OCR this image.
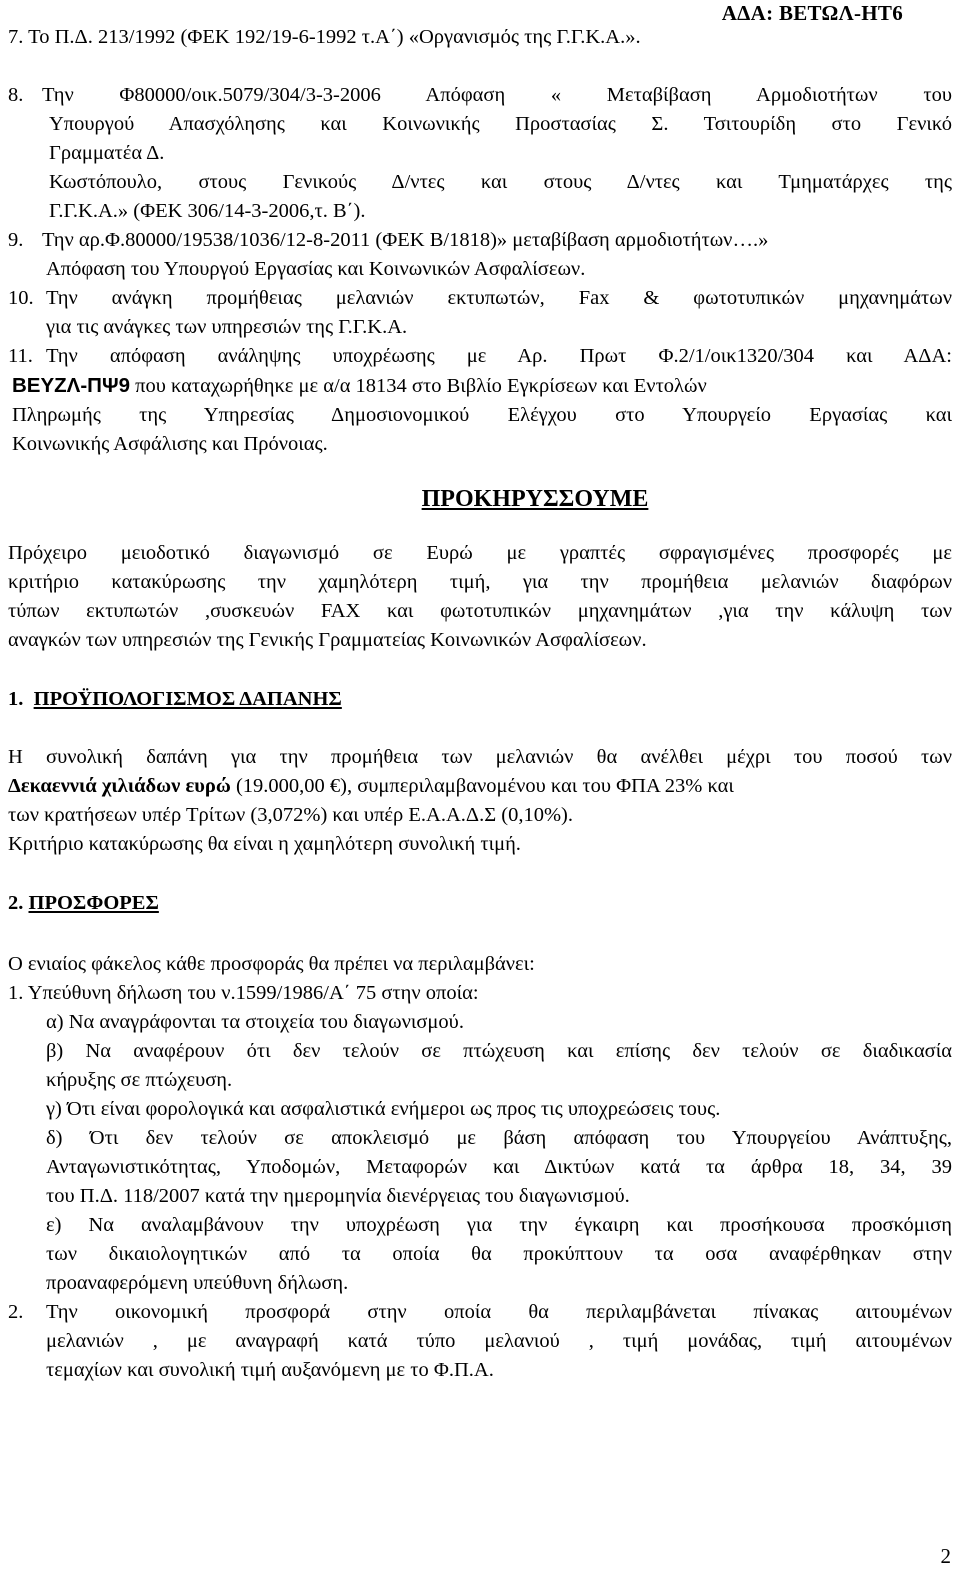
ΑΔΑ: ΒΕΤΩΛ-ΗΤ6
7. Το Π.Δ. 213/1992 (ΦΕΚ 192/19-6-1992 τ.Α΄) «Οργανισμός της Γ.Γ.Κ.Α.».
8. Την Φ80000/οικ.5079/304/3-3-2006 Απόφαση « Μεταβίβαση Αρμοδιοτήτων του
Υπουργού Απασχόλησης και Κοινωνικής Προστασίας Σ. Τσιτουρίδη στο Γενικό
Γραμματέα Δ.
Κωστόπουλο, στους Γενικούς Δ/ντες και στους Δ/ντες και Τμηματάρχες της
Γ.Γ.Κ.Α.» (ΦΕΚ 306/14-3-2006,τ. Β΄).
9. Την αρ.Φ.80000/19538/1036/12-8-2011 (ΦΕΚ Β/1818)» μεταβίβαση αρμοδιοτήτων….»
Απόφαση του Υπουργού Εργασίας και Κοινωνικών Ασφαλίσεων.
10. Την ανάγκη προμήθειας μελανιών εκτυπωτών, Fax & φωτοτυπικών μηχανημάτων
για τις ανάγκες των υπηρεσιών της Γ.Γ.Κ.Α.
11. Την απόφαση ανάληψης υποχρέωσης με Αρ. Πρωτ Φ.2/1/οικ1320/304 και ΑΔΑ:
ΒΕΥΖΛ-ΠΨ9 που καταχωρήθηκε με α/α 18134 στο Βιβλίο Εγκρίσεων και Εντολών
Πληρωμής της Υπηρεσίας Δημοσιονομικού Ελέγχου στο Υπουργείο Εργασίας και
Κοινωνικής Ασφάλισης και Πρόνοιας.
ΠΡΟΚΗΡΥΣΣΟΥΜΕ
Πρόχειρο μειοδοτικό διαγωνισμό σε Ευρώ με γραπτές σφραγισμένες προσφορές με
κριτήριο κατακύρωσης την χαμηλότερη τιμή, για την προμήθεια μελανιών διαφόρων
τύπων εκτυπωτών ,συσκευών FAX και φωτοτυπικών μηχανημάτων ,για την κάλυψη των
αναγκών των υπηρεσιών της Γενικής Γραμματείας Κοινωνικών Ασφαλίσεων.
1. ΠΡΟΫΠΟΛΟΓΙΣΜΟΣ ΔΑΠΑΝΗΣ
Η συνολική δαπάνη για την προμήθεια των μελανιών θα ανέλθει μέχρι του ποσού των
Δεκαεννιά χιλιάδων ευρώ (19.000,00 €), συμπεριλαμβανομένου και του ΦΠΑ 23% και
των κρατήσεων υπέρ Τρίτων (3,072%) και υπέρ Ε.Α.Α.Δ.Σ (0,10%).
Κριτήριο κατακύρωσης θα είναι η χαμηλότερη συνολική τιμή.
2. ΠΡΟΣΦΟΡΕΣ
Ο ενιαίος φάκελος κάθε προσφοράς θα πρέπει να περιλαμβάνει:
1. Υπεύθυνη δήλωση του ν.1599/1986/Α΄ 75 στην οποία:
α) Να αναγράφονται τα στοιχεία του διαγωνισμού.
β) Να αναφέρουν ότι δεν τελούν σε πτώχευση και επίσης δεν τελούν σε διαδικασία
κήρυξης σε πτώχευση.
γ) Ότι είναι φορολογικά και ασφαλιστικά ενήμεροι ως προς τις υποχρεώσεις τους.
δ) Ότι δεν τελούν σε αποκλεισμό με βάση απόφαση του Υπουργείου Ανάπτυξης,
Ανταγωνιστικότητας, Υποδομών, Μεταφορών και Δικτύων κατά τα άρθρα 18, 34, 39
του Π.Δ. 118/2007 κατά την ημερομηνία διενέργειας του διαγωνισμού.
ε) Να αναλαμβάνουν την υποχρέωση για την έγκαιρη και προσήκουσα προσκόμιση
των δικαιολογητικών από τα οποία θα προκύπτουν τα οσα αναφέρθηκαν στην
προαναφερόμενη υπεύθυνη δήλωση.
2.	Την οικονομική προσφορά στην οποία θα περιλαμβάνεται πίνακας αιτουμένων
μελανιών , με αναγραφή κατά τύπο μελανιού , τιμή μονάδας, τιμή αιτουμένων
τεμαχίων και συνολική τιμή αυξανόμενη με το Φ.Π.Α.
2
